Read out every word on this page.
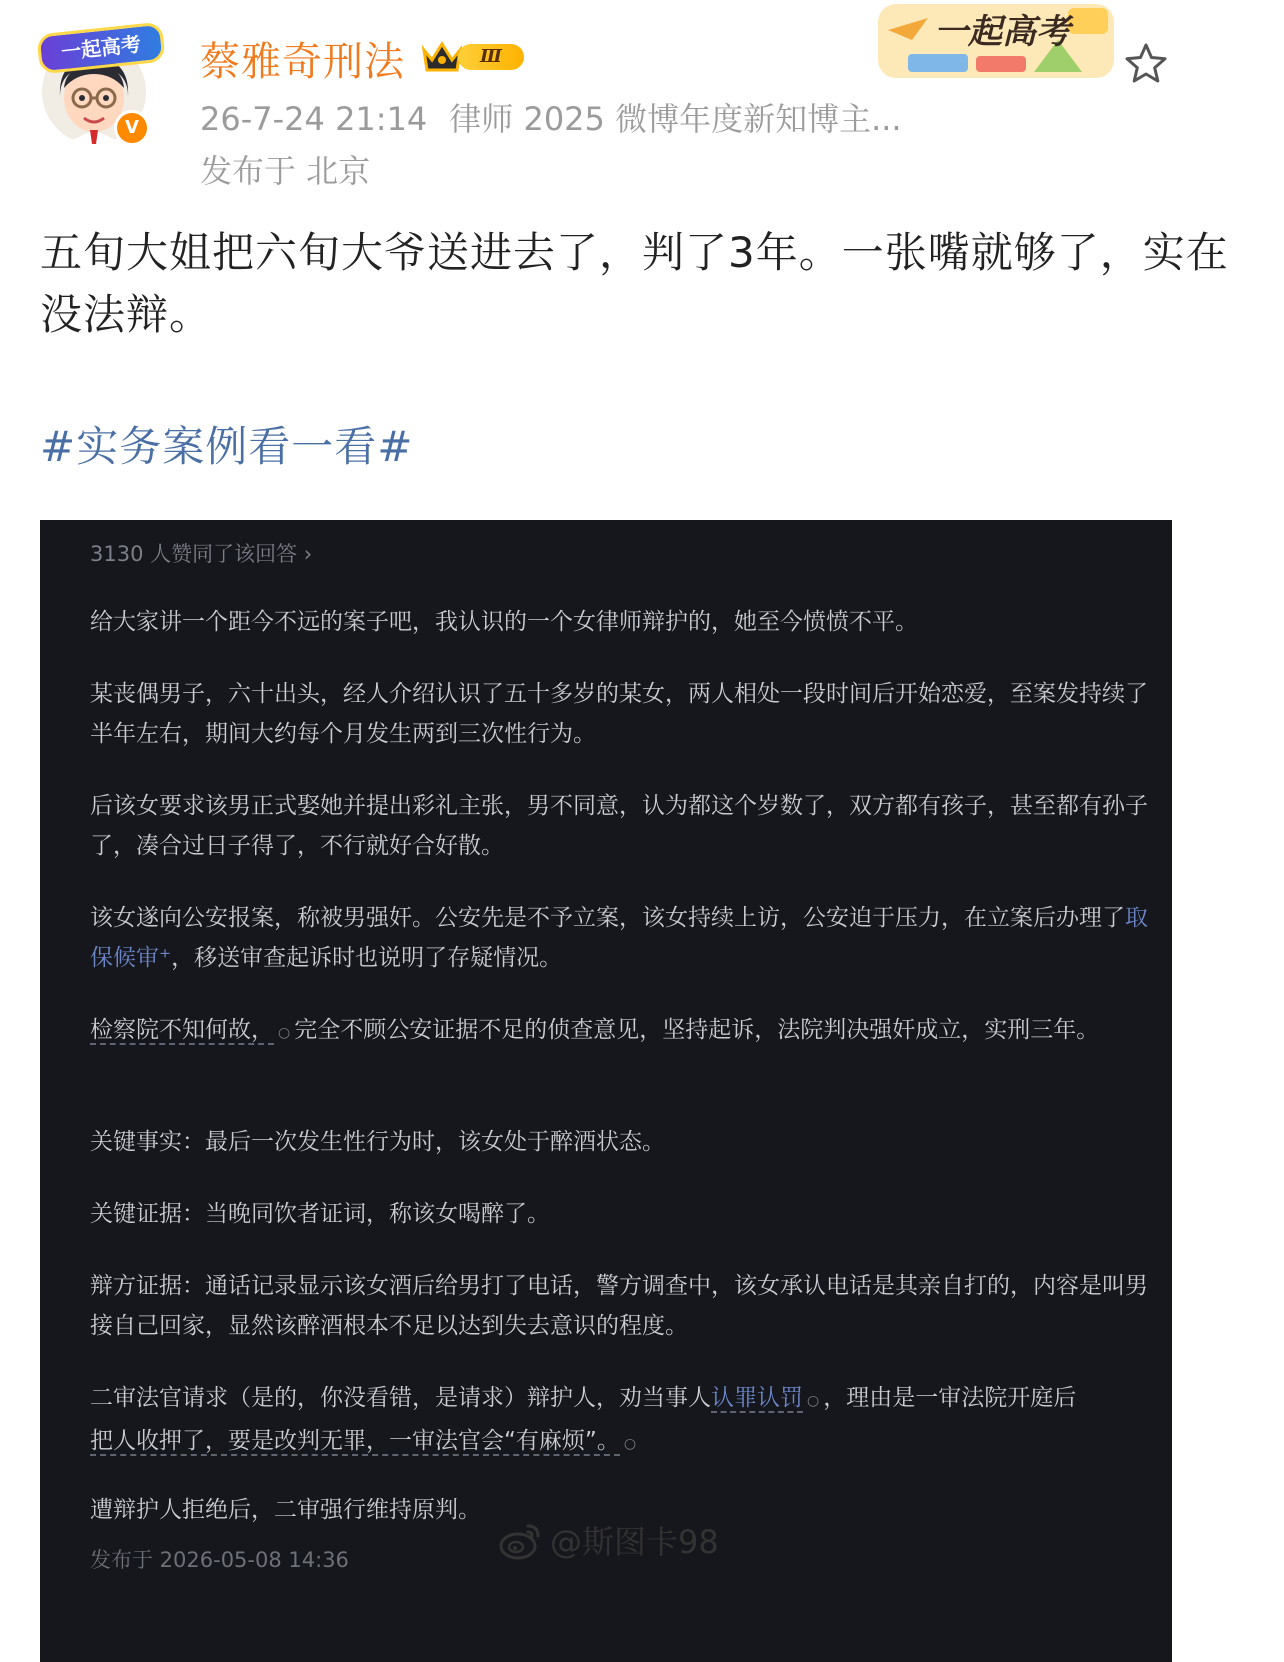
一起高考
V
蔡雅奇刑法	Ⅲ
26-7-24 21:14 律师 2025 微博年度新知博主...
发布于 北京
一起高考
五旬大姐把六旬大爷送进去了，判了3年。一张嘴就够了，实在没法辩。
#实务案例看一看#
3130 人赞同了该回答 ›
给大家讲一个距今不远的案子吧，我认识的一个女律师辩护的，她至今愤愤不平。
某丧偶男子，六十出头，经人介绍认识了五十多岁的某女，两人相处一段时间后开始恋爱，至案发持续了半年左右，期间大约每个月发生两到三次性行为。
后该女要求该男正式娶她并提出彩礼主张，男不同意，认为都这个岁数了，双方都有孩子，甚至都有孙子了，凑合过日子得了，不行就好合好散。
该女遂向公安报案，称被男强奸。公安先是不予立案，该女持续上访，公安迫于压力，在立案后办理了取保候审⁺，移送审查起诉时也说明了存疑情况。
检察院不知何故， ○ 完全不顾公安证据不足的侦查意见，坚持起诉，法院判决强奸成立，实刑三年。
关键事实：最后一次发生性行为时，该女处于醉酒状态。
关键证据：当晚同饮者证词，称该女喝醉了。
辩方证据：通话记录显示该女酒后给男打了电话，警方调查中，该女承认电话是其亲自打的，内容是叫男接自己回家，显然该醉酒根本不足以达到失去意识的程度。
二审法官请求（是的，你没看错，是请求）辩护人，劝当事人认罪认罚 ○ ，理由是一审法院开庭后
把人收押了，要是改判无罪，一审法官会“有麻烦”。 ○
遭辩护人拒绝后，二审强行维持原判。
发布于 2026-05-08 14:36	@斯图卡98
